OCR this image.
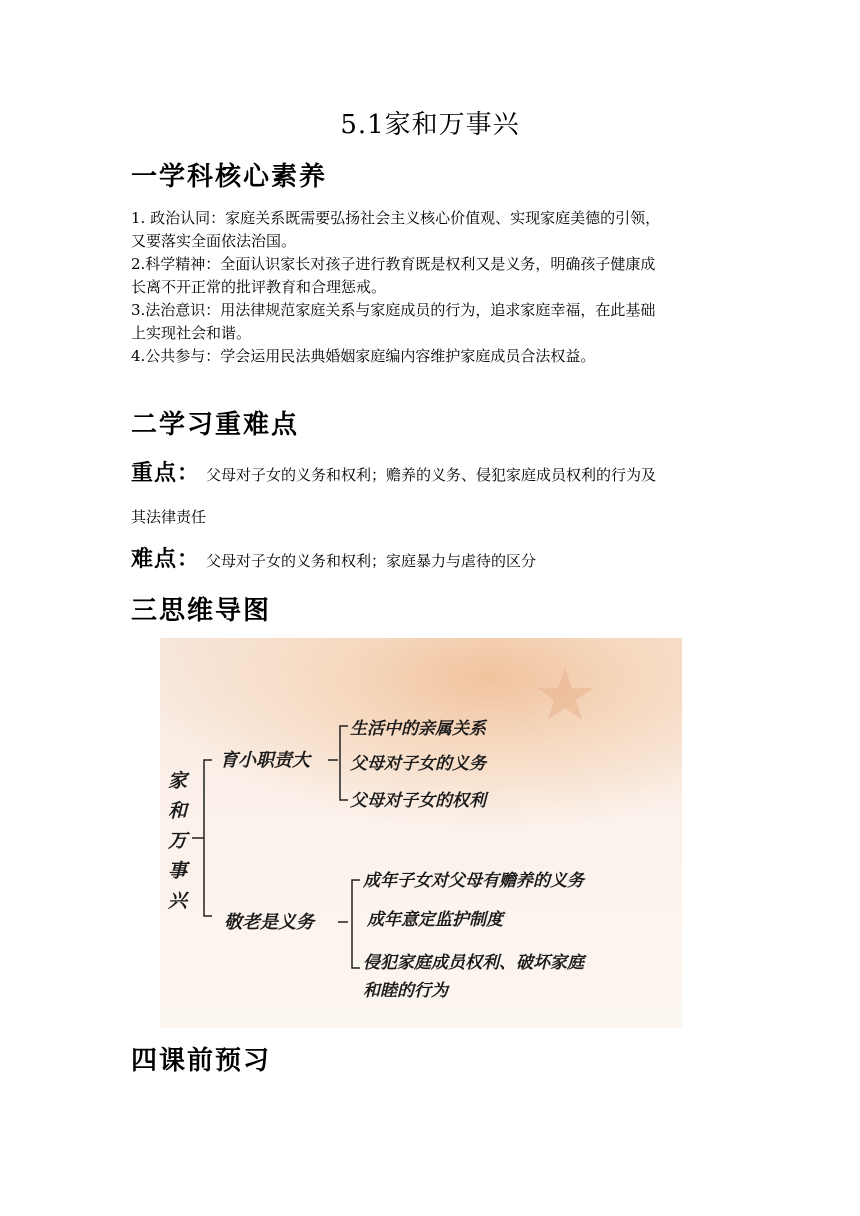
5.1家和万事兴
一学科核心素养
1. 政治认同：家庭关系既需要弘扬社会主义核心价值观、实现家庭美德的引领，
又要落实全面依法治国。
2.科学精神：全面认识家长对孩子进行教育既是权利又是义务，明确孩子健康成
长离不开正常的批评教育和合理惩戒。
3.法治意识：用法律规范家庭关系与家庭成员的行为，追求家庭幸福，在此基础
上实现社会和谐。
4.公共参与：学会运用民法典婚姻家庭编内容维护家庭成员合法权益。
二学习重难点
重点： 父母对子女的义务和权利；赡养的义务、侵犯家庭成员权利的行为及
其法律责任
难点： 父母对子女的义务和权利；家庭暴力与虐待的区分
三思维导图
育小职责大
生活中的亲属关系
父母对子女的义务
父母对子女的权利
敬老是义务
成年子女对父母有赡养的义务
成年意定监护制度
侵犯家庭成员权利、破坏家庭
和睦的行为
家
和
万
事
兴
四课前预习
